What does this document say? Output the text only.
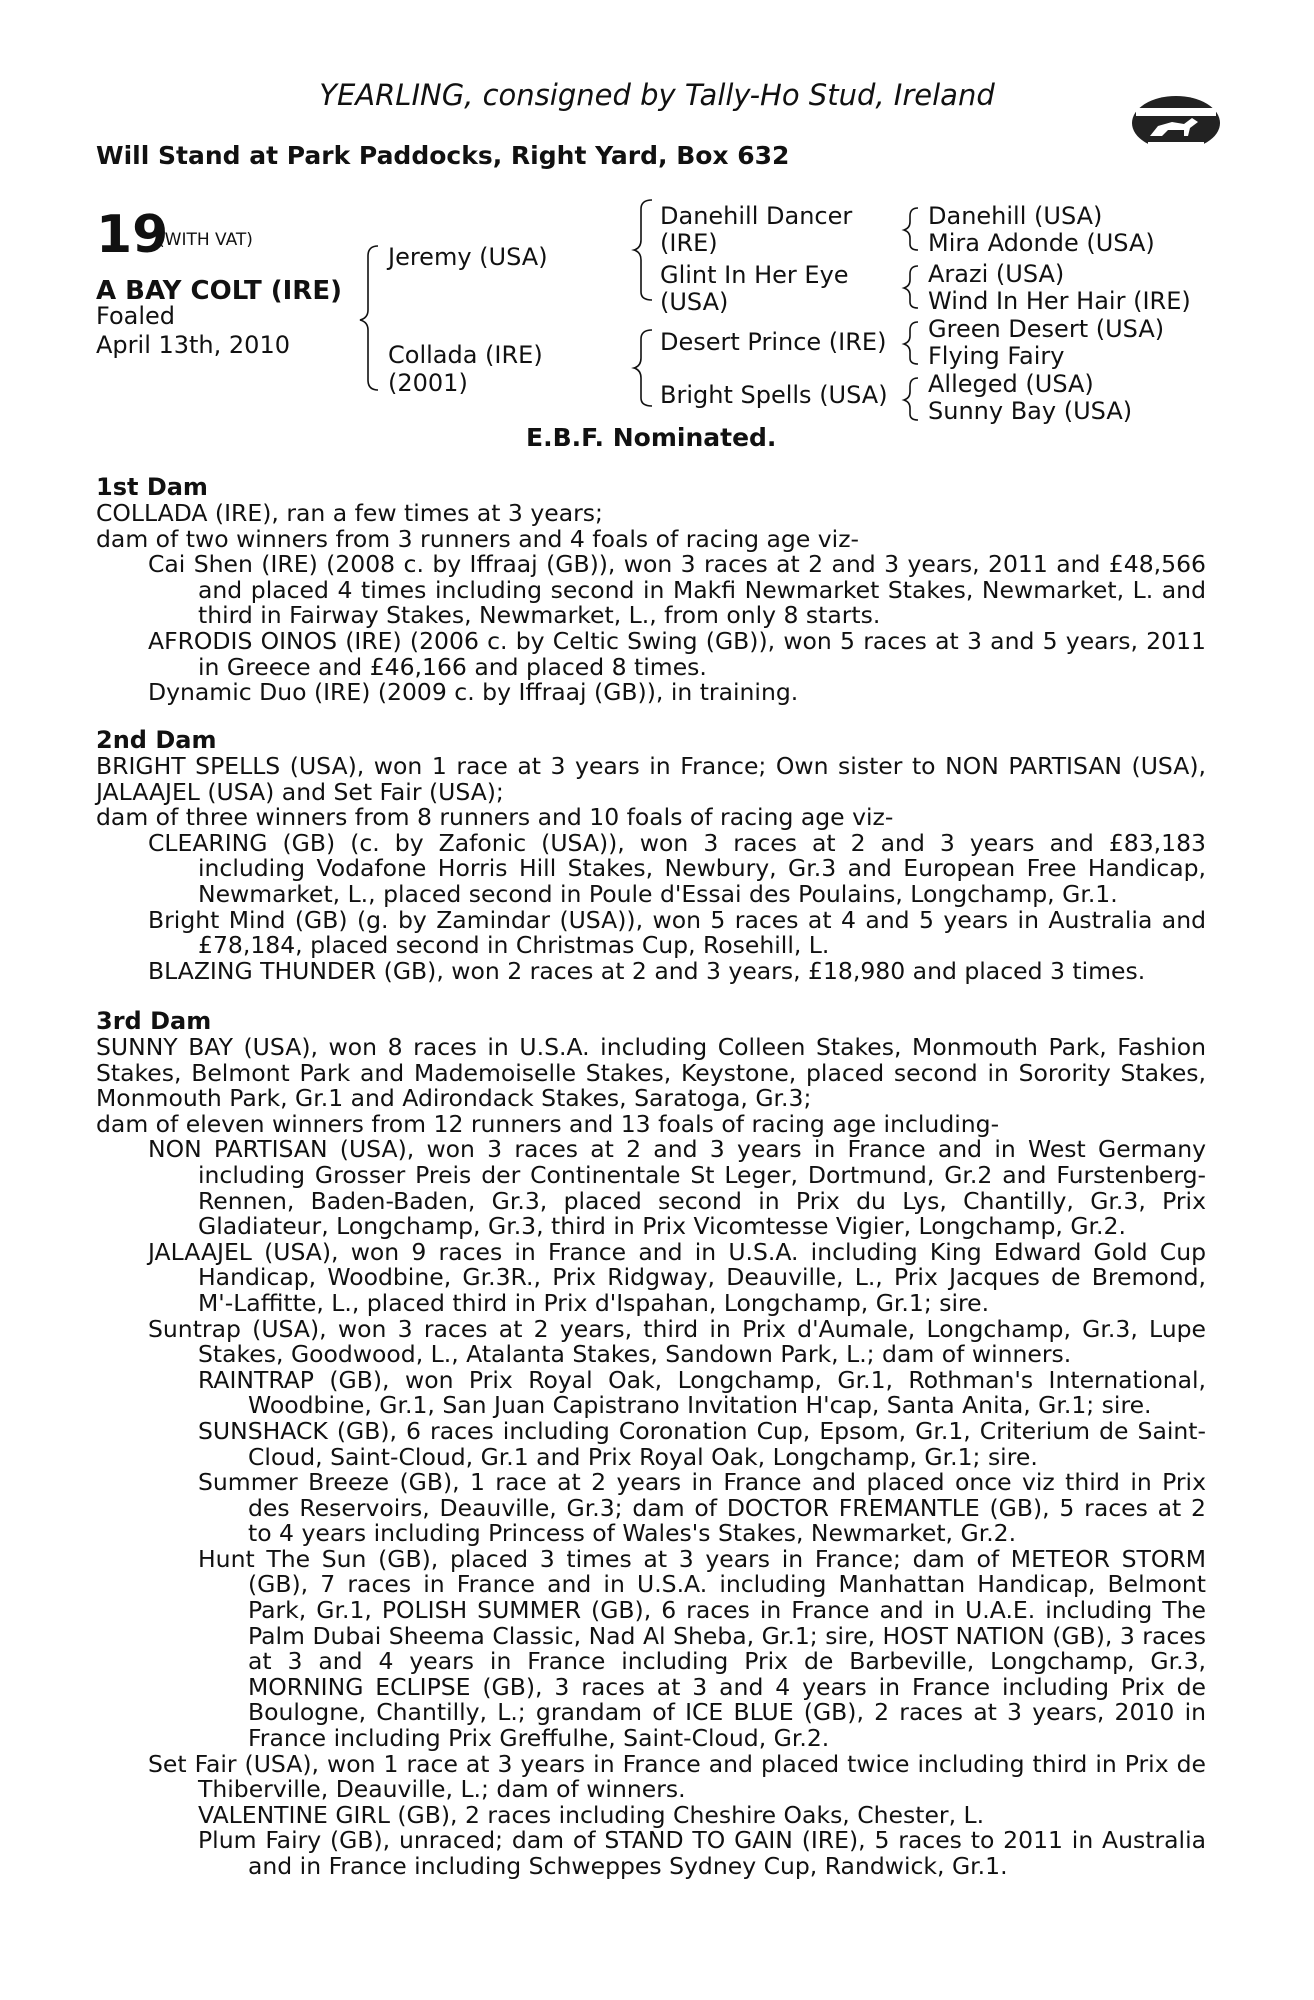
YEARLING, consigned by Tally-Ho Stud, Ireland
Will Stand at Park Paddocks, Right Yard, Box 632
19
(WITH VAT)
A BAY COLT (IRE)
Foaled
April 13th, 2010
Jeremy (USA)
Collada (IRE)
(2001)
Danehill Dancer
(IRE)
Glint In Her Eye
(USA)
Desert Prince (IRE)
Bright Spells (USA)
Danehill (USA)
Mira Adonde (USA)
Arazi (USA)
Wind In Her Hair (IRE)
Green Desert (USA)
Flying Fairy
Alleged (USA)
Sunny Bay (USA)
E.B.F. Nominated.
1st Dam

COLLADA (IRE), ran a few times at 3 years;

dam of two winners from 3 runners and 4 foals of racing age viz-

Cai Shen (IRE) (2008 c. by Iffraaj (GB)), won 3 races at 2 and 3 years, 2011 and £48,566 and placed 4 times including second in Makfi Newmarket Stakes, Newmarket, L. and third in Fairway Stakes, Newmarket, L., from only 8 starts.

AFRODIS OINOS (IRE) (2006 c. by Celtic Swing (GB)), won 5 races at 3 and 5 years, 2011 in Greece and £46,166 and placed 8 times.

Dynamic Duo (IRE) (2009 c. by Iffraaj (GB)), in training.

2nd Dam

BRIGHT SPELLS (USA), won 1 race at 3 years in France; Own sister to NON PARTISAN (USA), JALAAJEL (USA) and Set Fair (USA);

dam of three winners from 8 runners and 10 foals of racing age viz-

CLEARING (GB) (c. by Zafonic (USA)), won 3 races at 2 and 3 years and £83,183 including Vodafone Horris Hill Stakes, Newbury, Gr.3 and European Free Handicap, Newmarket, L., placed second in Poule d'Essai des Poulains, Longchamp, Gr.1.

Bright Mind (GB) (g. by Zamindar (USA)), won 5 races at 4 and 5 years in Australia and £78,184, placed second in Christmas Cup, Rosehill, L.

BLAZING THUNDER (GB), won 2 races at 2 and 3 years, £18,980 and placed 3 times.

3rd Dam

SUNNY BAY (USA), won 8 races in U.S.A. including Colleen Stakes, Monmouth Park, Fashion Stakes, Belmont Park and Mademoiselle Stakes, Keystone, placed second in Sorority Stakes, Monmouth Park, Gr.1 and Adirondack Stakes, Saratoga, Gr.3;

dam of eleven winners from 12 runners and 13 foals of racing age including-

NON PARTISAN (USA), won 3 races at 2 and 3 years in France and in West Germany including Grosser Preis der Continentale St Leger, Dortmund, Gr.2 and Furstenberg-Rennen, Baden-Baden, Gr.3, placed second in Prix du Lys, Chantilly, Gr.3, Prix Gladiateur, Longchamp, Gr.3, third in Prix Vicomtesse Vigier, Longchamp, Gr.2.

JALAAJEL (USA), won 9 races in France and in U.S.A. including King Edward Gold Cup Handicap, Woodbine, Gr.3R., Prix Ridgway, Deauville, L., Prix Jacques de Bremond, M'-Laffitte, L., placed third in Prix d'Ispahan, Longchamp, Gr.1; sire.

Suntrap (USA), won 3 races at 2 years, third in Prix d'Aumale, Longchamp, Gr.3, Lupe Stakes, Goodwood, L., Atalanta Stakes, Sandown Park, L.; dam of winners.

RAINTRAP (GB), won Prix Royal Oak, Longchamp, Gr.1, Rothman's International, Woodbine, Gr.1, San Juan Capistrano Invitation H'cap, Santa Anita, Gr.1; sire.

SUNSHACK (GB), 6 races including Coronation Cup, Epsom, Gr.1, Criterium de Saint-Cloud, Saint-Cloud, Gr.1 and Prix Royal Oak, Longchamp, Gr.1; sire.

Summer Breeze (GB), 1 race at 2 years in France and placed once viz third in Prix des Reservoirs, Deauville, Gr.3; dam of DOCTOR FREMANTLE (GB), 5 races at 2 to 4 years including Princess of Wales's Stakes, Newmarket, Gr.2.

Hunt The Sun (GB), placed 3 times at 3 years in France; dam of METEOR STORM (GB), 7 races in France and in U.S.A. including Manhattan Handicap, Belmont Park, Gr.1, POLISH SUMMER (GB), 6 races in France and in U.A.E. including The Palm Dubai Sheema Classic, Nad Al Sheba, Gr.1; sire, HOST NATION (GB), 3 races at 3 and 4 years in France including Prix de Barbeville, Longchamp, Gr.3, MORNING ECLIPSE (GB), 3 races at 3 and 4 years in France including Prix de Boulogne, Chantilly, L.; grandam of ICE BLUE (GB), 2 races at 3 years, 2010 in France including Prix Greffulhe, Saint-Cloud, Gr.2.

Set Fair (USA), won 1 race at 3 years in France and placed twice including third in Prix de Thiberville, Deauville, L.; dam of winners.

VALENTINE GIRL (GB), 2 races including Cheshire Oaks, Chester, L.

Plum Fairy (GB), unraced; dam of STAND TO GAIN (IRE), 5 races to 2011 in Australia and in France including Schweppes Sydney Cup, Randwick, Gr.1.
